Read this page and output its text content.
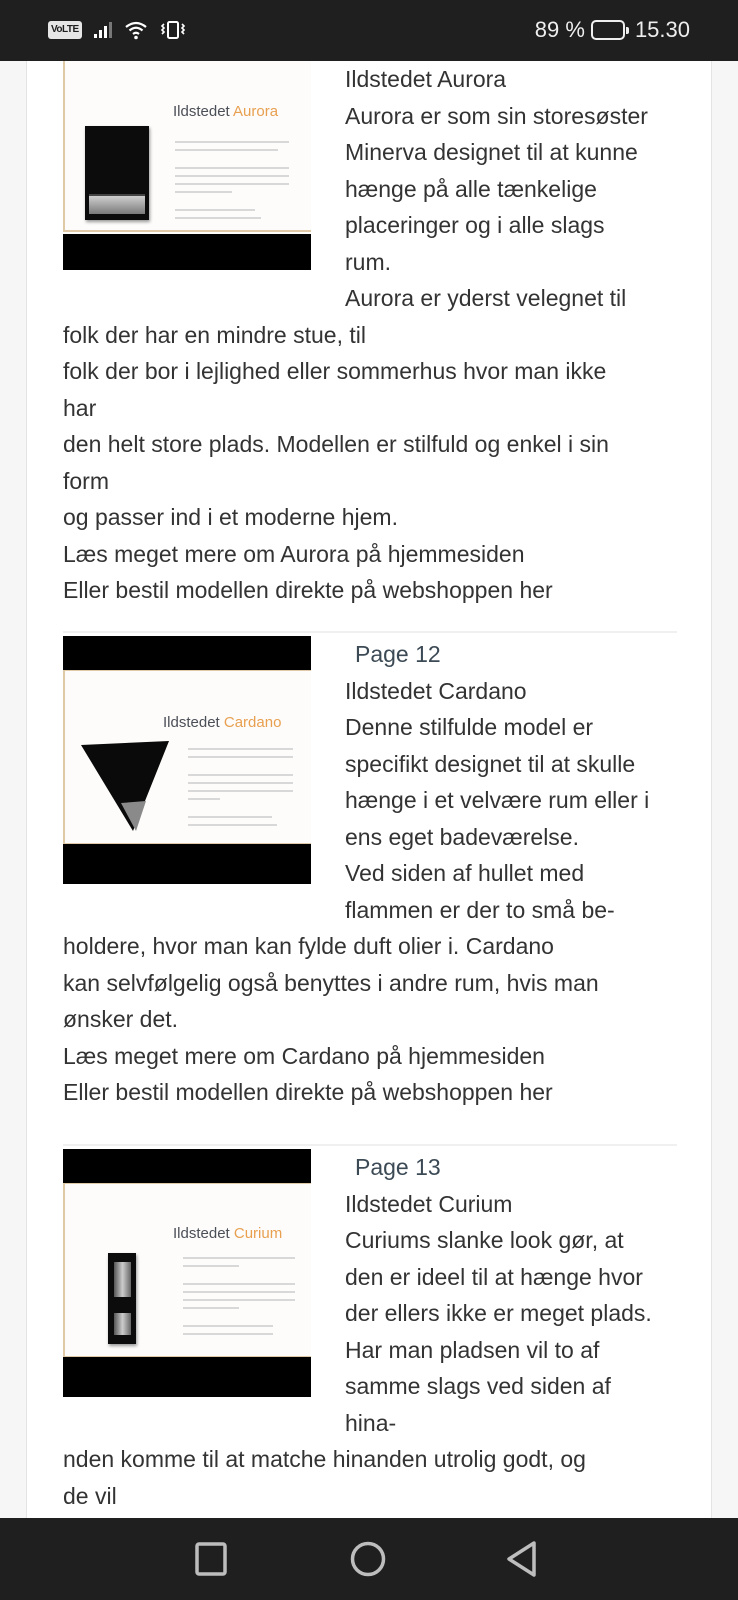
VoLTE	89 % 15.30
Ildstedet Aurora
Ildstedet Aurora
Aurora er som sin storesøster
Minerva designet til at kunne
hænge på alle tænkelige
placeringer og i alle slags
rum.
Aurora er yderst velegnet til
folk der har en mindre stue, til
folk der bor i lejlighed eller sommerhus hvor man ikke
har
den helt store plads. Modellen er stilfuld og enkel i sin
form
og passer ind i et moderne hjem.
Læs meget mere om Aurora på hjemmesiden
Eller bestil modellen direkte på webshoppen her
Ildstedet Cardano
Page 12
Ildstedet Cardano
Denne stilfulde model er
specifikt designet til at skulle
hænge i et velvære rum eller i
ens eget badeværelse.
Ved siden af hullet med
flammen er der to små be-
holdere, hvor man kan fylde duft olier i. Cardano
kan selvfølgelig også benyttes i andre rum, hvis man
ønsker det.
Læs meget mere om Cardano på hjemmesiden
Eller bestil modellen direkte på webshoppen her
Ildstedet Curium
Page 13
Ildstedet Curium
Curiums slanke look gør, at
den er ideel til at hænge hvor
der ellers ikke er meget plads.
Har man pladsen vil to af
samme slags ved siden af
hina-
nden komme til at matche hinanden utrolig godt, og
de vil
